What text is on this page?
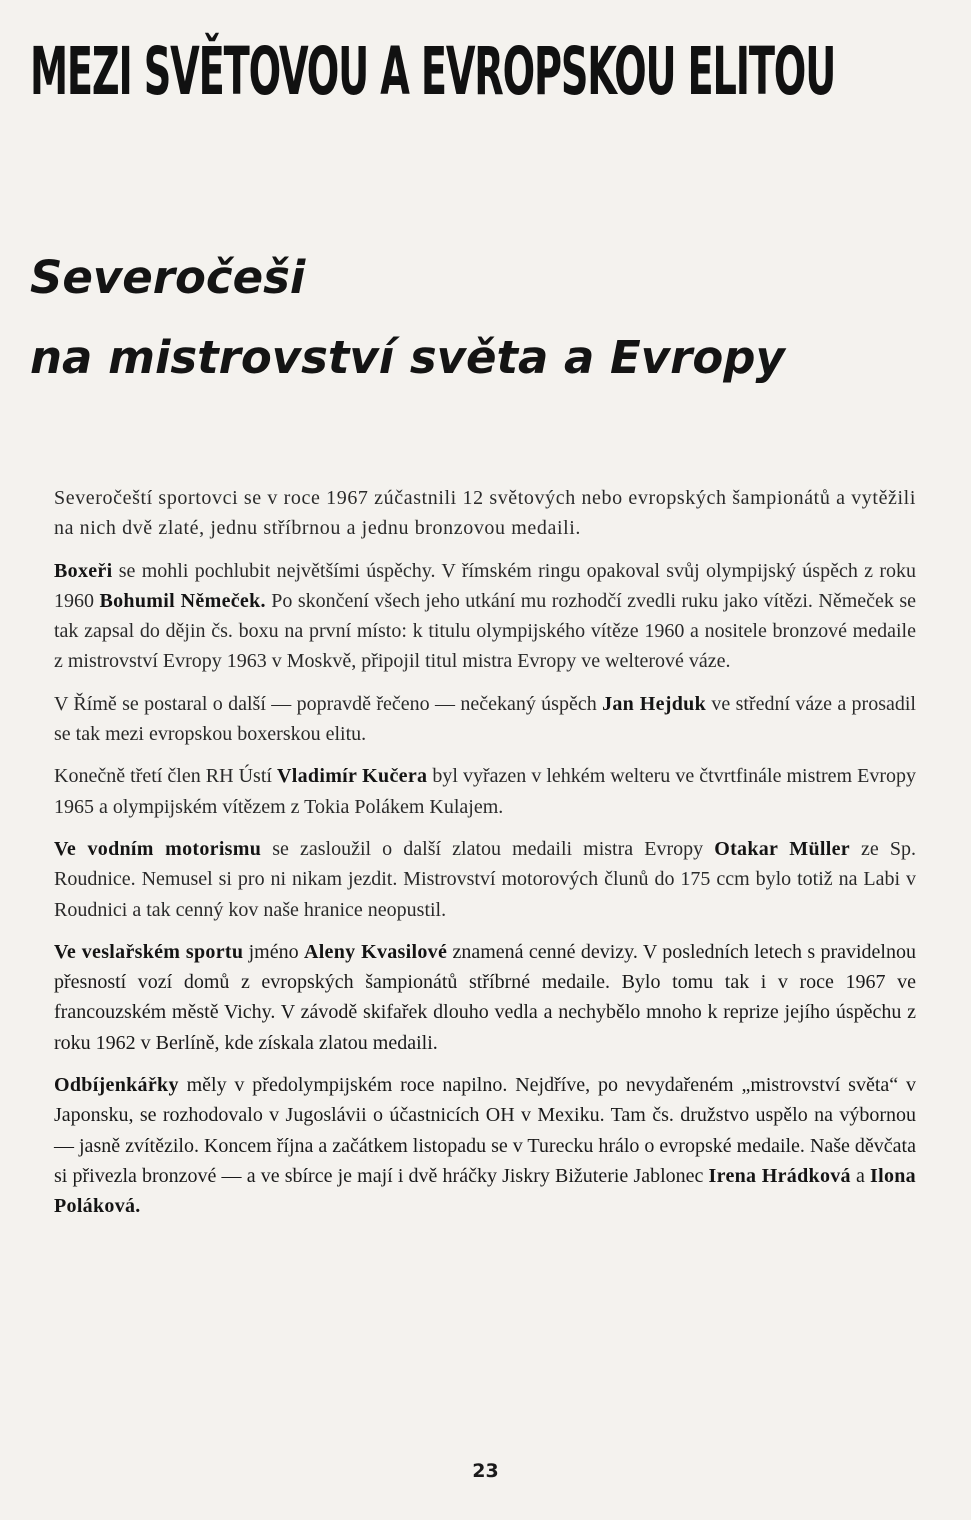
MEZI SVĚTOVOU A EVROPSKOU ELITOU
Severočeši
na mistrovství světa a Evropy

Severočeští sportovci se v roce 1967 zúčastnili 12 světových nebo evropských šampionátů a vytěžili na nich dvě zlaté, jednu stříbrnou a jednu bronzovou medaili.

Boxeři se mohli pochlubit největšími úspěchy. V římském ringu opakoval svůj olympijský úspěch z roku 1960 Bohumil Němeček. Po skončení všech jeho utkání mu rozhodčí zvedli ruku jako vítězi. Němeček se tak zapsal do dějin čs. boxu na první místo: k titulu olympijského vítěze 1960 a nositele bronzové medaile z mistrovství Evropy 1963 v Moskvě, připojil titul mistra Evropy ve welterové váze.

V Římě se postaral o další — popravdě řečeno — nečekaný úspěch Jan Hejduk ve střední váze a prosadil se tak mezi evropskou boxerskou elitu.

Konečně třetí člen RH Ústí Vladimír Kučera byl vyřazen v lehkém welteru ve čtvrtfinále mistrem Evropy 1965 a olympijském vítězem z Tokia Polákem Kulajem.

Ve vodním motorismu se zasloužil o další zlatou medaili mistra Evropy Otakar Müller ze Sp. Roudnice. Nemusel si pro ni nikam jezdit. Mistrovství motorových člunů do 175 ccm bylo totiž na Labi v Roudnici a tak cenný kov naše hranice neopustil.

Ve veslařském sportu jméno Aleny Kvasilové znamená cenné devizy. V posledních letech s pravidelnou přesností vozí domů z evropských šampionátů stříbrné medaile. Bylo tomu tak i v roce 1967 ve francouzském městě Vichy. V závodě skifařek dlouho vedla a nechybělo mnoho k reprize jejího úspěchu z roku 1962 v Berlíně, kde získala zlatou medaili.

Odbíjenkářky měly v předolympijském roce napilno. Nejdříve, po nevydařeném „mistrovství světa“ v Japonsku, se rozhodovalo v Jugoslávii o účastnicích OH v Mexiku. Tam čs. družstvo uspělo na výbornou — jasně zvítězilo. Koncem října a začátkem listopadu se v Turecku hrálo o evropské medaile. Naše děvčata si přivezla bronzové — a ve sbírce je mají i dvě hráčky Jiskry Bižuterie Jablonec Irena Hrádková a Ilona Poláková.

23
